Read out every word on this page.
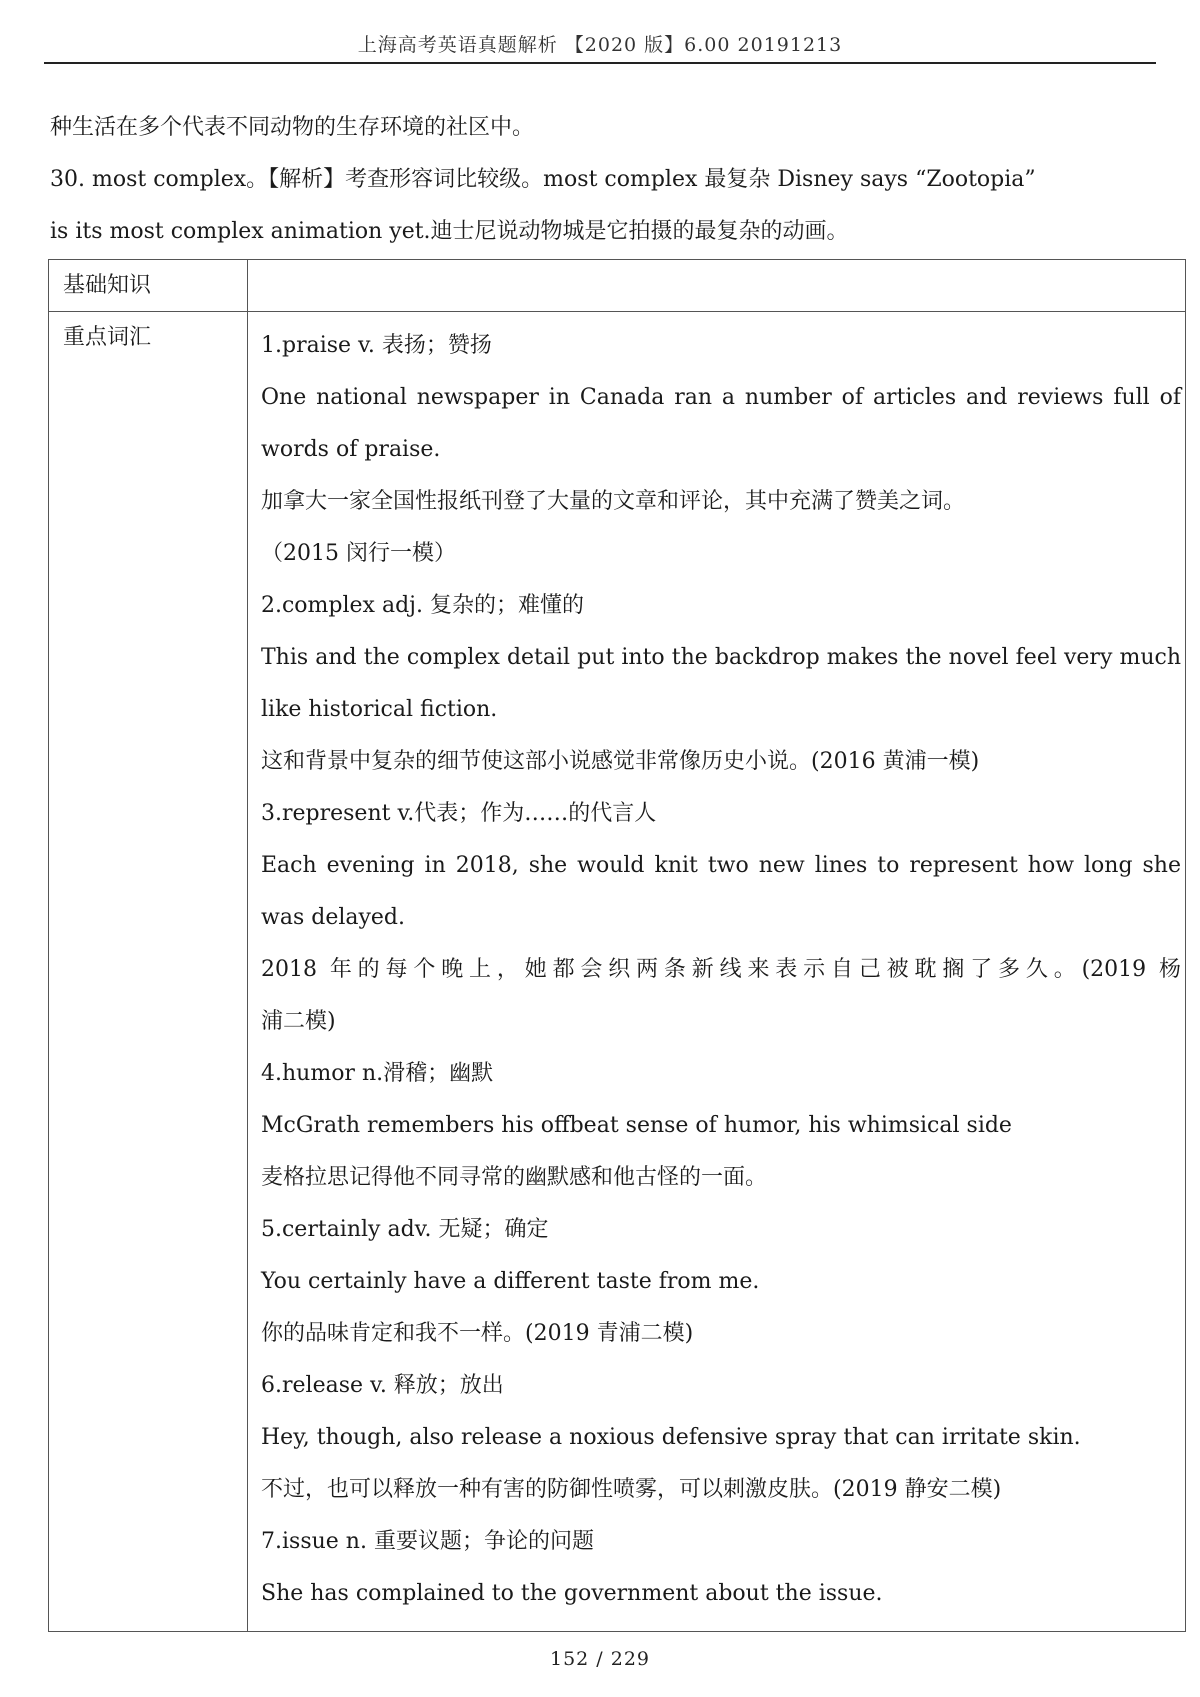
上海高考英语真题解析 【2020 版】6.00 20191213

种生活在多个代表不同动物的生存环境的社区中。

30. most complex。【解析】考查形容词比较级。most complex 最复杂 Disney says “Zootopia”

is its most complex animation yet.迪士尼说动物城是它拍摄的最复杂的动画。

基础知识
重点词汇	1.praise v. 表扬；赞扬

One national newspaper in Canada ran a number of articles and reviews full of

words of praise.

加拿大一家全国性报纸刊登了大量的文章和评论，其中充满了赞美之词。

（2015 闵行一模）

2.complex adj. 复杂的；难懂的

This and the complex detail put into the backdrop makes the novel feel very much

like historical fiction.

这和背景中复杂的细节使这部小说感觉非常像历史小说。(2016 黄浦一模)

3.represent v.代表；作为……的代言人

Each evening in 2018, she would knit two new lines to represent how long she

was delayed.

2018 年的每个晚上，她都会织两条新线来表示自己被耽搁了多久。(2019 杨

浦二模)

4.humor n.滑稽；幽默

McGrath remembers his offbeat sense of humor, his whimsical side

麦格拉思记得他不同寻常的幽默感和他古怪的一面。

5.certainly adv. 无疑；确定

You certainly have a different taste from me.

你的品味肯定和我不一样。(2019 青浦二模)

6.release v. 释放；放出

Hey, though, also release a noxious defensive spray that can irritate skin.

不过，也可以释放一种有害的防御性喷雾，可以刺激皮肤。(2019 静安二模)

7.issue n. 重要议题；争论的问题

She has complained to the government about the issue.

152 / 229
